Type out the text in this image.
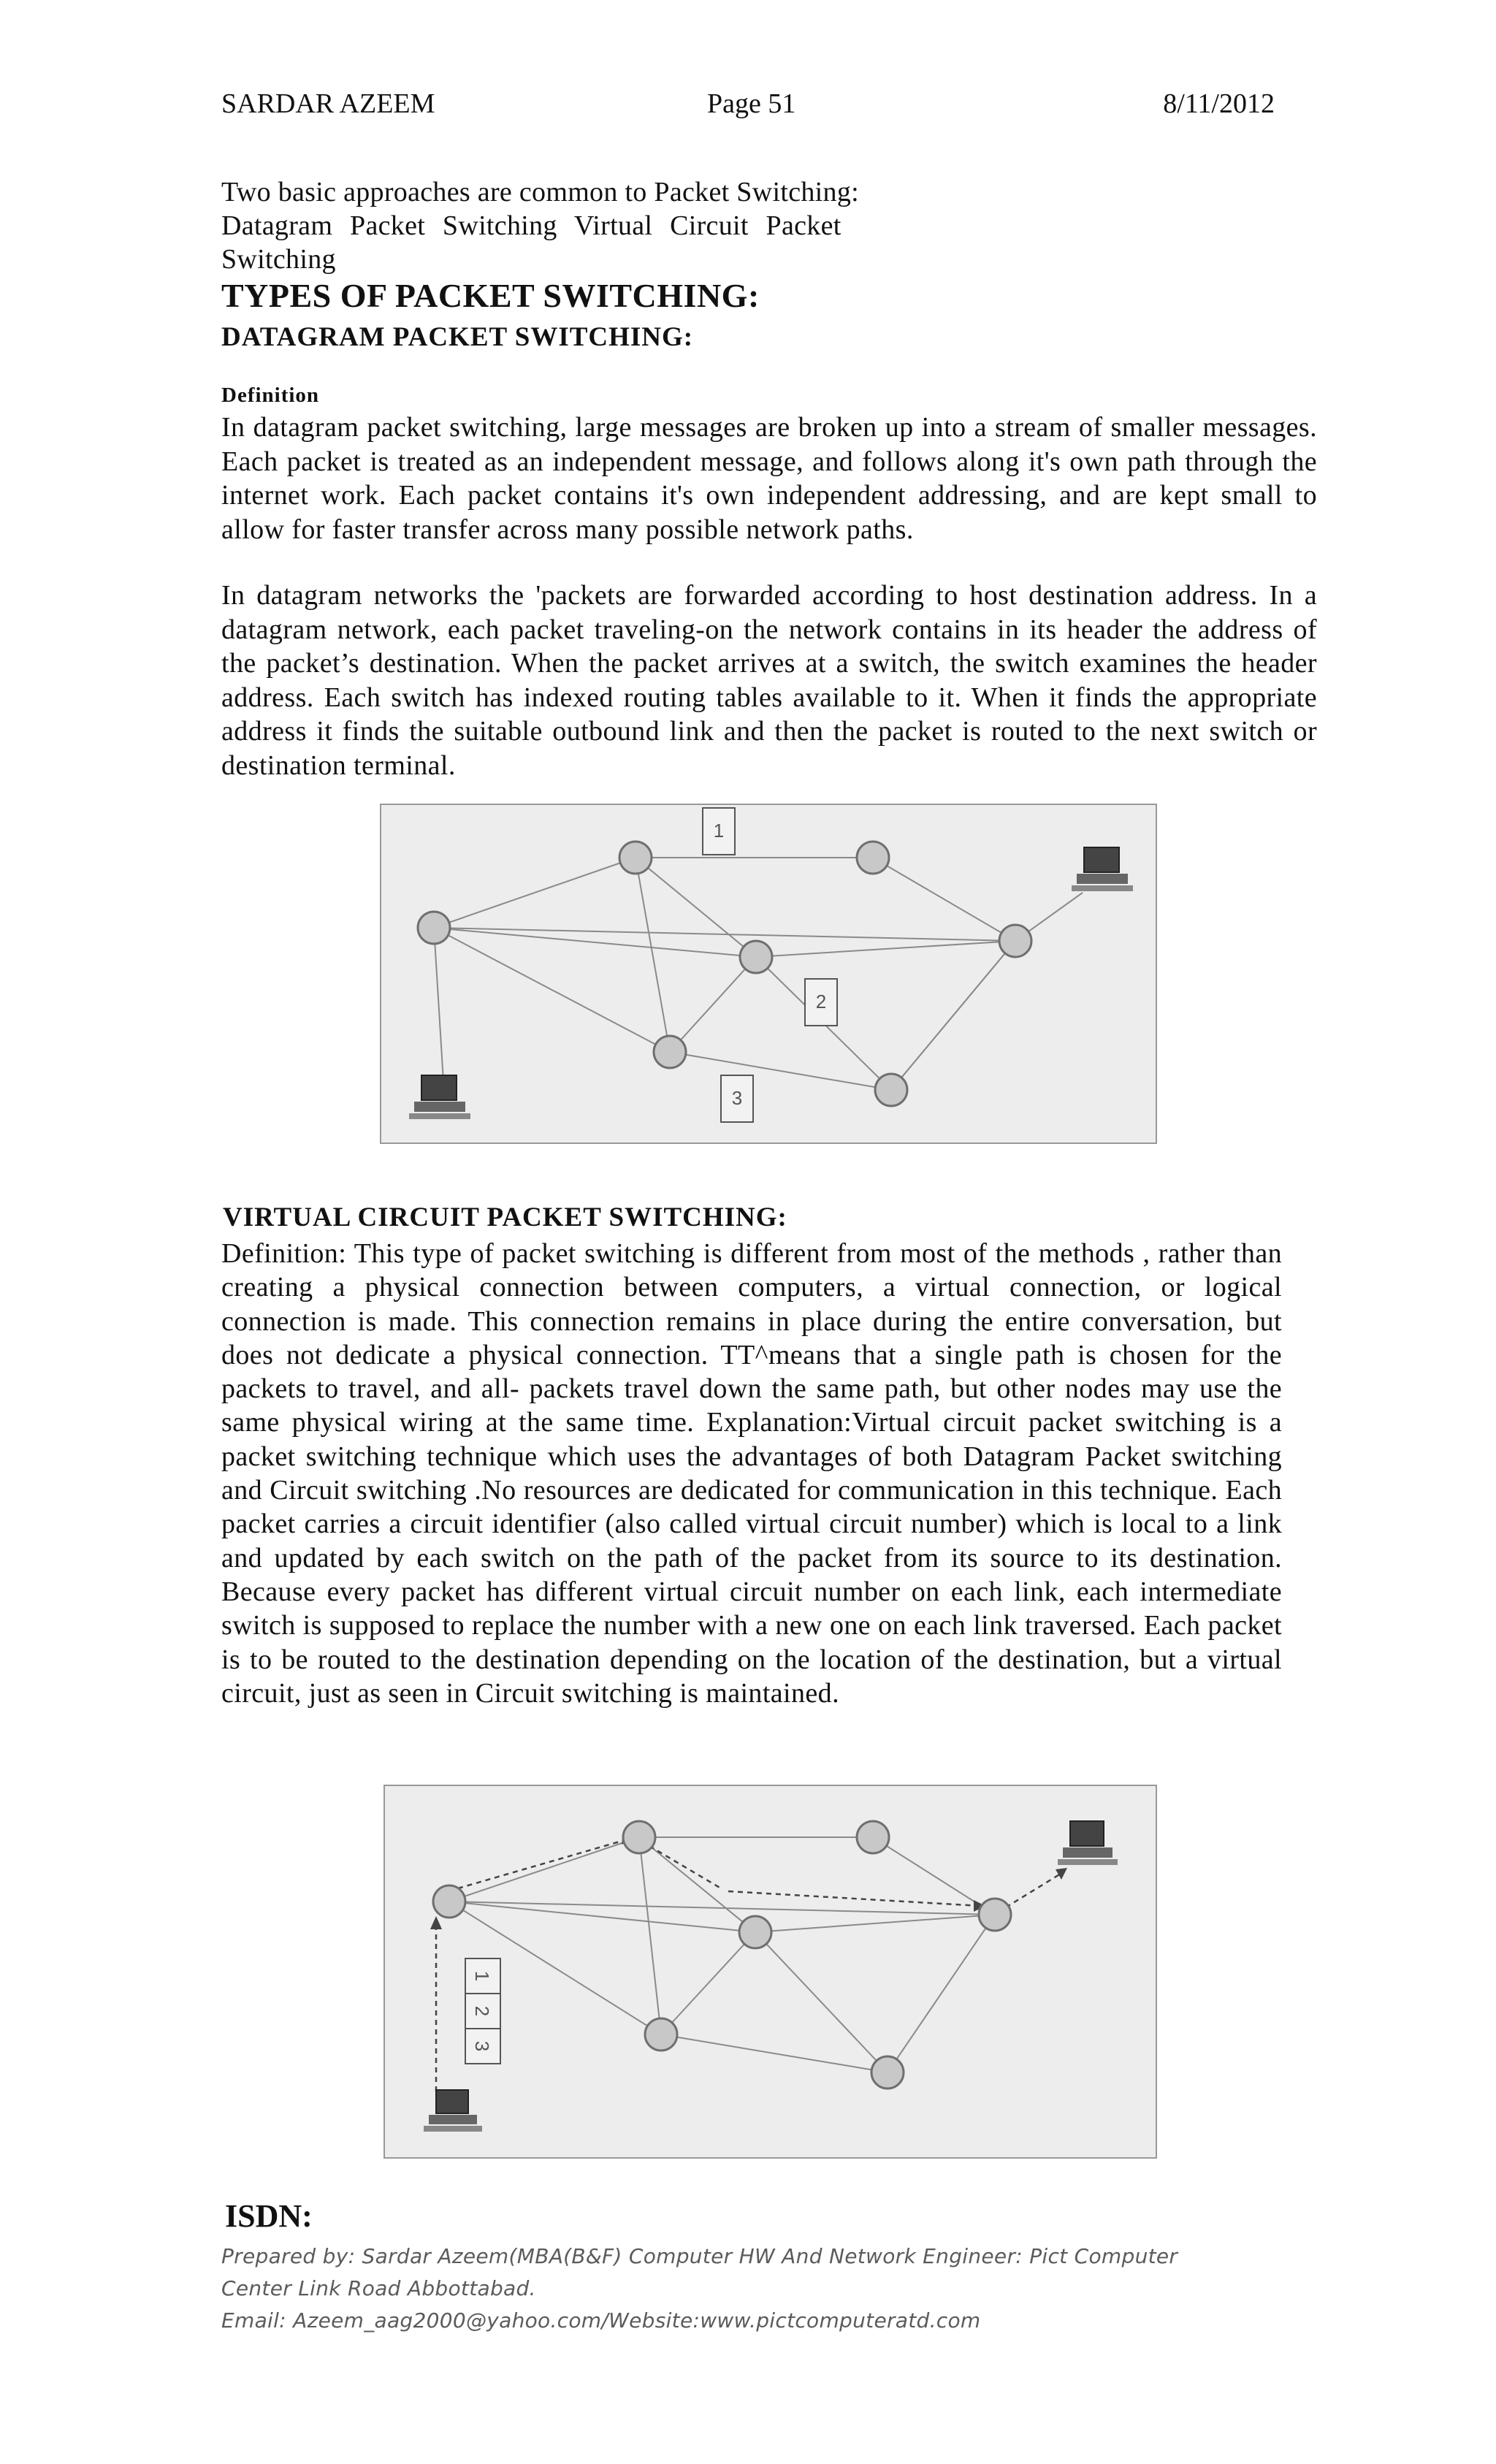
SARDAR AZEEM	Page 51	8/11/2012
Two basic approaches are common to Packet Switching:
Datagram Packet Switching Virtual Circuit Packet
Switching
TYPES OF PACKET SWITCHING:
DATAGRAM PACKET SWITCHING:
Definition
In datagram packet switching, large messages are broken up into a stream of smaller messages. Each packet is treated as an independent message, and follows along it's own path through the internet work. Each packet contains it's own independent addressing, and are kept small to allow for faster transfer across many possible network paths.
In datagram networks the 'packets are forwarded according to host destination address. In a datagram network, each packet traveling-on the network contains in its header the address of the packet’s destination. When the packet arrives at a switch, the switch examines the header address. Each switch has indexed routing tables available to it. When it finds the appropriate address it finds the suitable outbound link and then the packet is routed to the next switch or destination terminal.
1
2
3
VIRTUAL CIRCUIT PACKET SWITCHING:
Definition: This type of packet switching is different from most of the methods , rather than creating a physical connection between computers, a virtual connection, or logical connection is made. This connection remains in place during the entire conversation, but does not dedicate a physical connection. TT^means that a single path is chosen for the packets to travel, and all- packets travel down the same path, but other nodes may use the same physical wiring at the same time. Explanation:Virtual circuit packet switching is a packet switching technique which uses the advantages of both Datagram Packet switching and Circuit switching .No resources are dedicated for communication in this technique. Each packet carries a circuit identifier (also called virtual circuit number) which is local to a link and updated by each switch on the path of the packet from its source to its destination. Because every packet has different virtual circuit number on each link, each intermediate switch is supposed to replace the number with a new one on each link traversed. Each packet is to be routed to the destination depending on the location of the destination, but a virtual circuit, just as seen in Circuit switching is maintained.
1
2
3
ISDN:
Prepared by: Sardar Azeem(MBA(B&F) Computer HW And Network Engineer: Pict Computer
Center Link Road Abbottabad.
Email: Azeem_aag2000@yahoo.com/Website:www.pictcomputeratd.com
